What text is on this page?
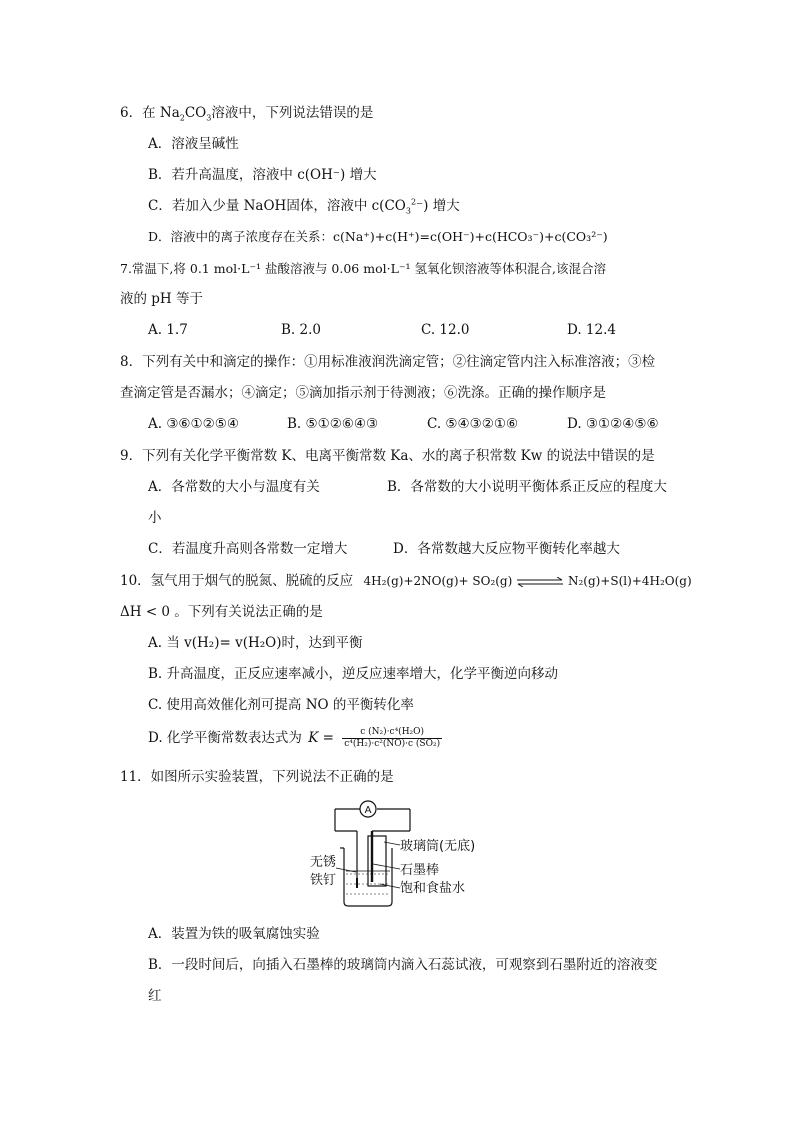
6．在 $Na_2CO_3$溶液中，下列说法错误的是
A．溶液呈碱性
B．若升高温度，溶液中 c(OH⁻) 增大
C．若加入少量 NaOH固体，溶液中 $c(CO_3^2^-)$ 增大
D．溶液中的离子浓度存在关系：c(Na⁺)+c(H⁺)=c(OH⁻)+c(HCO₃⁻)+c(CO₃²⁻)
7.常温下,将 0.1 mol·L⁻¹ 盐酸溶液与 0.06 mol·L⁻¹ 氢氧化钡溶液等体积混合,该混合溶
液的 pH 等于
A. 1.7	B. 2.0	C. 12.0	D. 12.4
8．下列有关中和滴定的操作：①用标准液润洗滴定管；②往滴定管内注入标准溶液；③检
查滴定管是否漏水；④滴定；⑤滴加指示剂于待测液；⑥洗涤。正确的操作顺序是
A. ③⑥①②⑤④	B. ⑤①②⑥④③	C. ⑤④③②①⑥	D. ③①②④⑤⑥
9．下列有关化学平衡常数 K、电离平衡常数 Ka、水的离子积常数 Kw 的说法中错误的是
A．各常数的大小与温度有关	B．各常数的大小说明平衡体系正反应的程度大
小
C．若温度升高则各常数一定增大	D．各常数越大反应物平衡转化率越大
10．氢气用于烟气的脱氮、脱硫的反应 4H₂(g)+2NO(g)+ SO₂(g) ⇌ N₂(g)+S(l)+4H₂O(g)
ΔH < 0 。下列有关说法正确的是
A. 当 v(H₂)= v(H₂O)时，达到平衡
B. 升高温度，正反应速率减小，逆反应速率增大，化学平衡逆向移动
C. 使用高效催化剂可提高 NO 的平衡转化率
D. 化学平衡常数表达式为 $K = \frac{\text{c (N₂)·c⁴(H₂O)}}{\text{c⁴(H₂)·c²(NO)·c (SO₂)}}$
11．如图所示实验装置，下列说法不正确的是
A
玻璃筒(无底)
石墨棒
饱和食盐水
无锈
铁钉
A．装置为铁的吸氧腐蚀实验
B．一段时间后，向插入石墨棒的玻璃筒内滴入石蕊试液，可观察到石墨附近的溶液变
红
